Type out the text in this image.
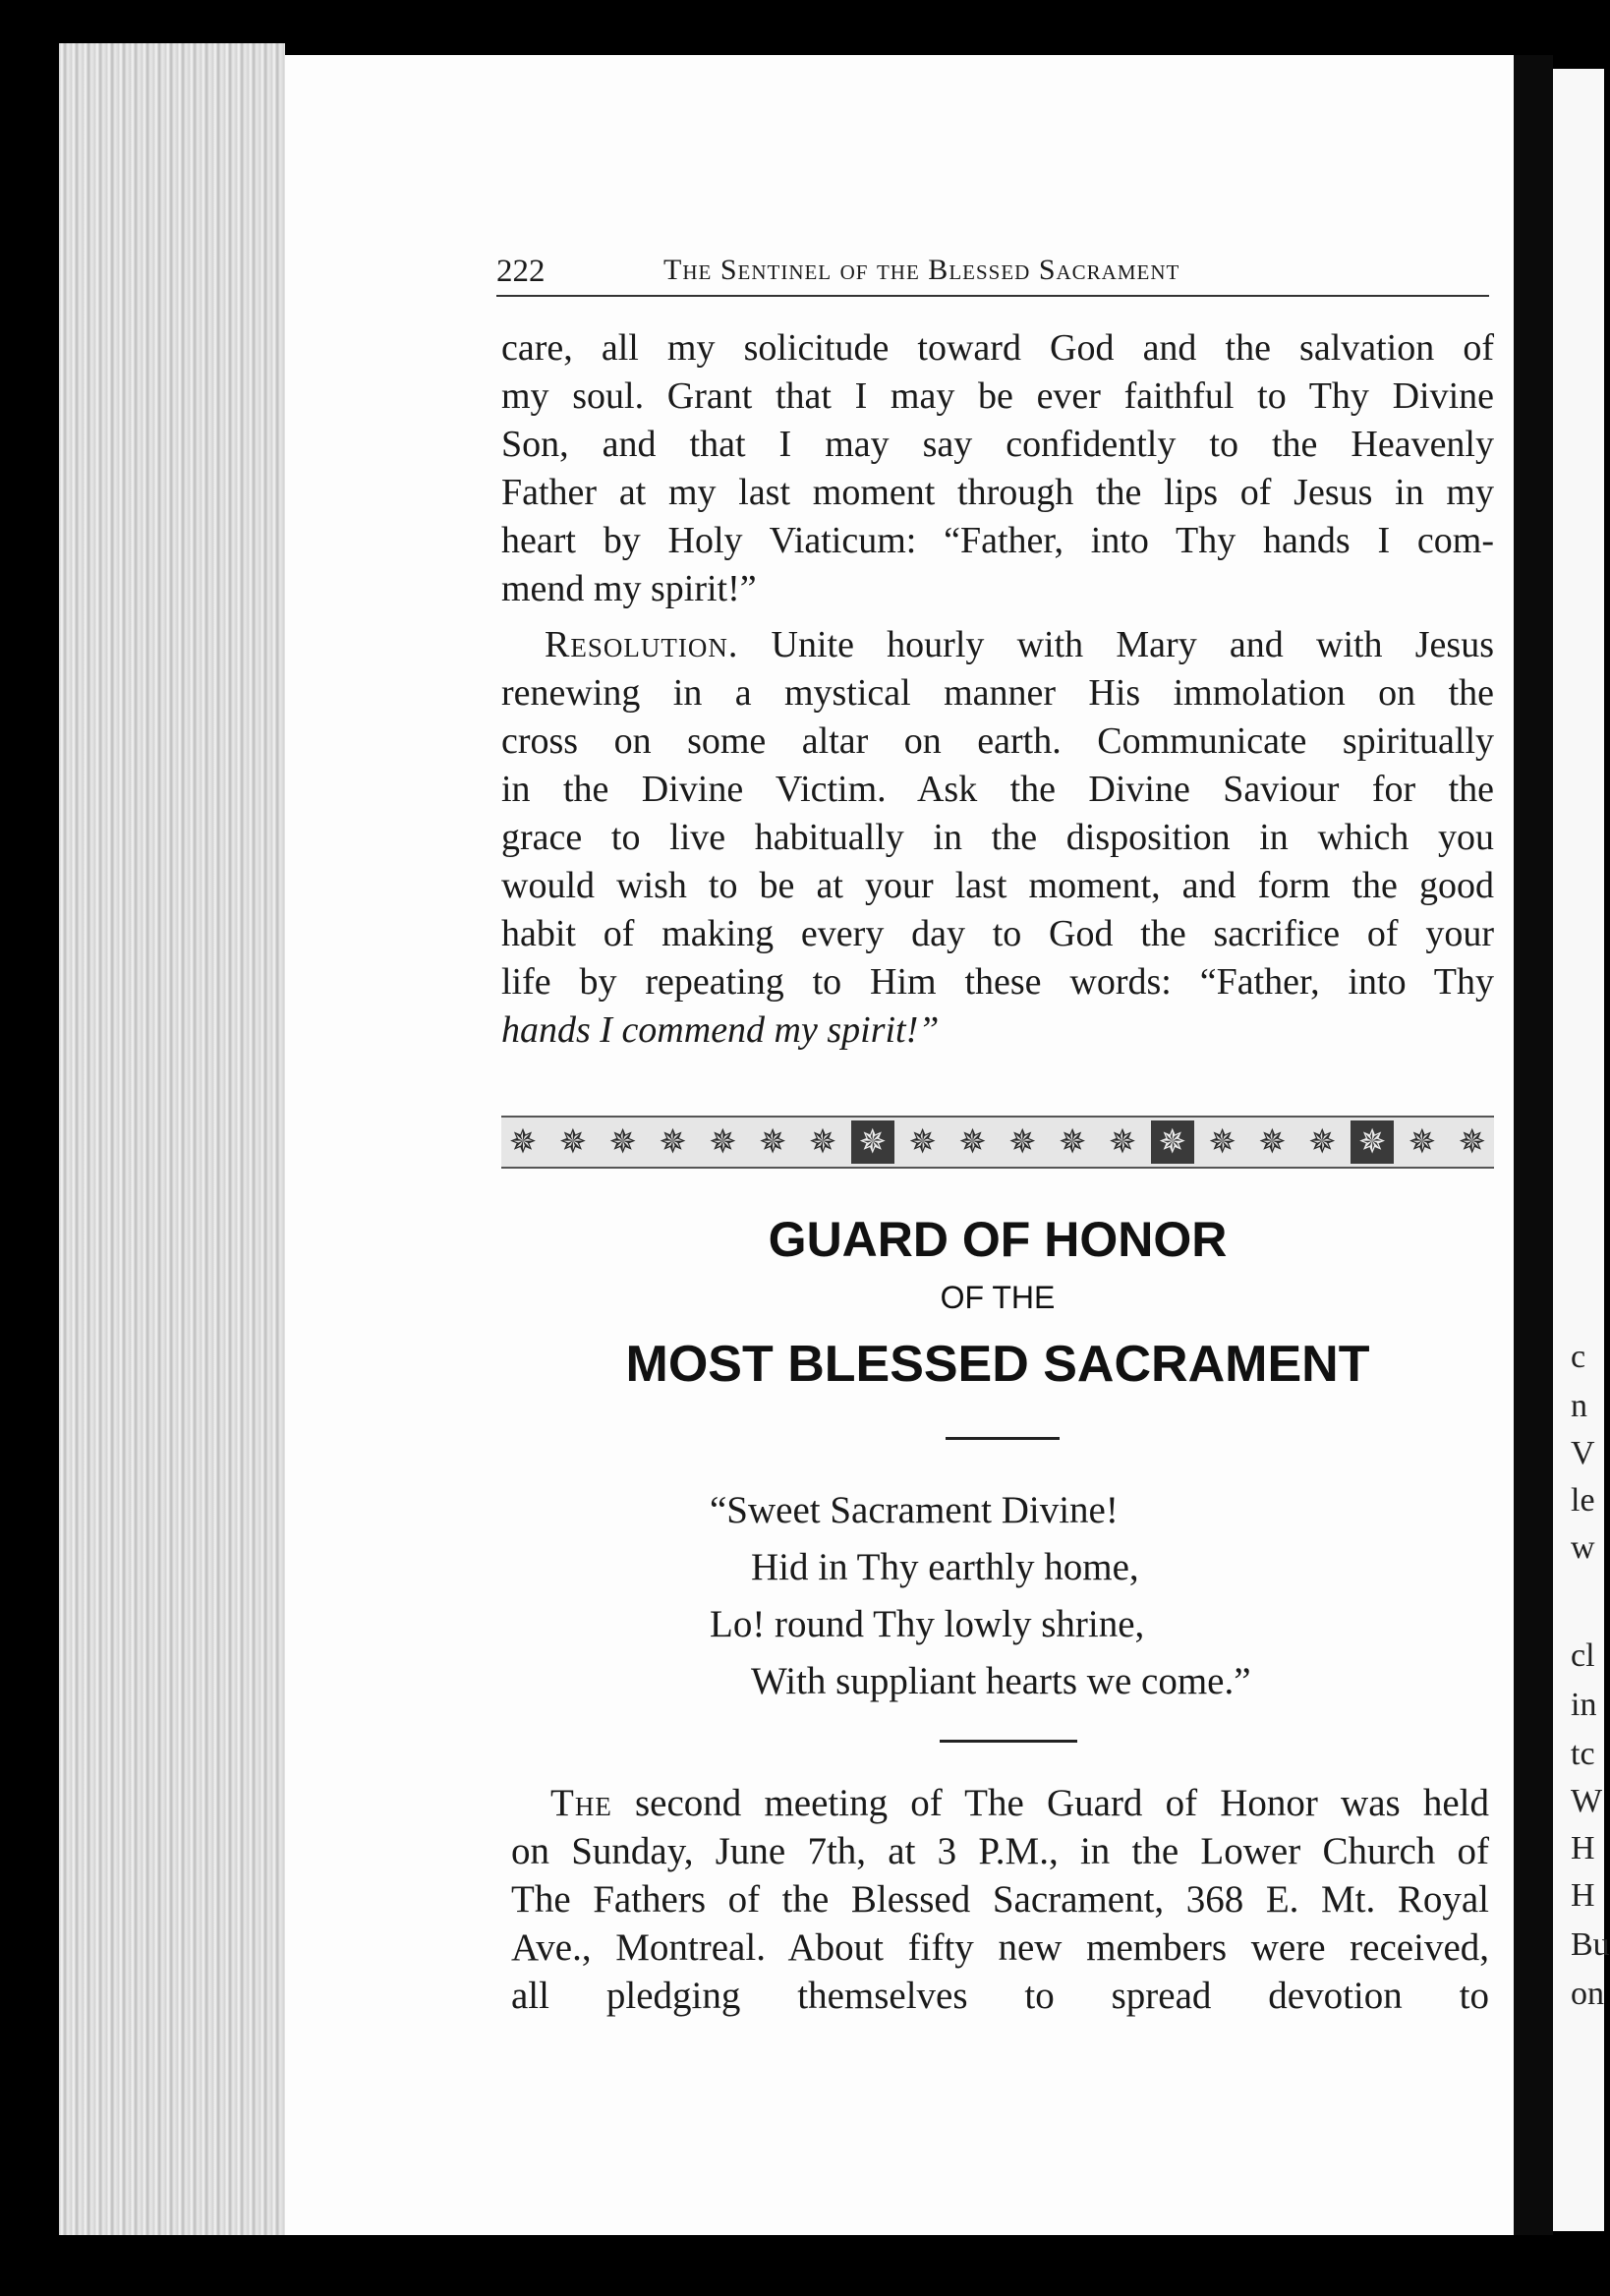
c
n
V
le
w
cl
in
tc
W
H
H
Bu
on
222	The Sentinel of the Blessed Sacrament
care, all my solicitude toward God and the salvation of
my soul. Grant that I may be ever faithful to Thy Divine
Son, and that I may say confidently to the Heavenly
Father at my last moment through the lips of Jesus in my
heart by Holy Viaticum: “Father, into Thy hands I com-
mend my spirit!”
Resolution. Unite hourly with Mary and with Jesus
renewing in a mystical manner His immolation on the
cross on some altar on earth. Communicate spiritually
in the Divine Victim. Ask the Divine Saviour for the
grace to live habitually in the disposition in which you
would wish to be at your last moment, and form the good
habit of making every day to God the sacrifice of your
life by repeating to Him these words: “Father, into Thy
hands I commend my spirit!”
✵ ✵ ✵ ✵ ✵ ✵ ✵ ✵ ✵ ✵ ✵ ✵ ✵ ✵ ✵ ✵ ✵ ✵ ✵ ✵
GUARD OF HONOR
OF THE
MOST BLESSED SACRAMENT
“Sweet Sacrament Divine!
Hid in Thy earthly home,
Lo! round Thy lowly shrine,
With suppliant hearts we come.”
The second meeting of The Guard of Honor was held
on Sunday, June 7th, at 3 P.M., in the Lower Church of
The Fathers of the Blessed Sacrament, 368 E. Mt. Royal
Ave., Montreal. About fifty new members were received,
all pledging themselves to spread devotion to
